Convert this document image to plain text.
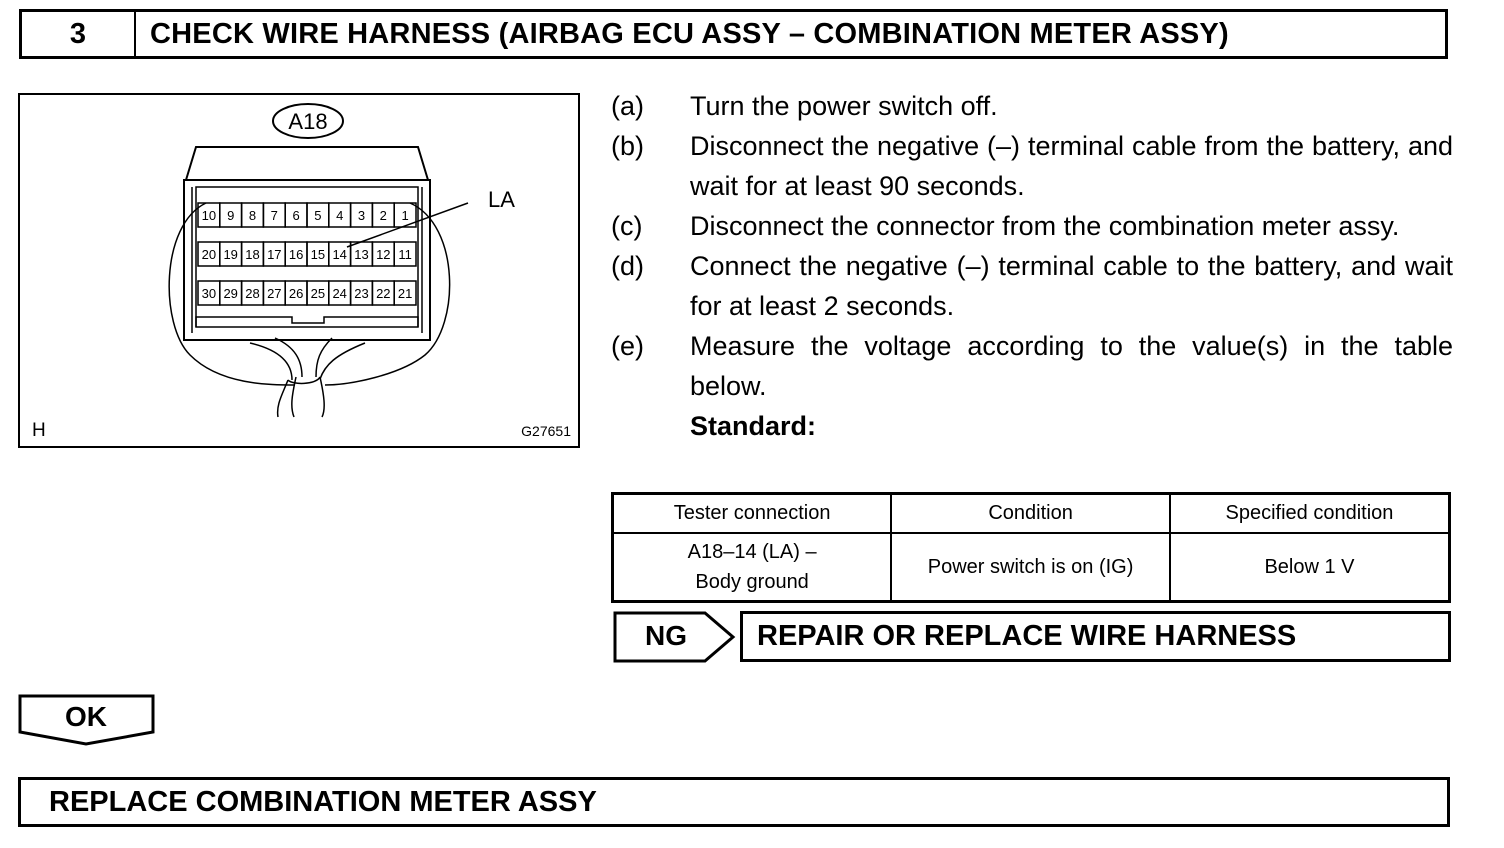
3	CHECK WIRE HARNESS (AIRBAG ECU ASSY – COMBINATION METER ASSY)
A18
10 9 8 7 6 5 4 3 2 1
20 19 18 17 16 15 14 13 12 11
30 29 28 27 26 25 24 23 22 21
LA
H	G27651
(a)	Turn the power switch off.
(b)	Disconnect the negative (–) terminal cable from the battery, and wait for at least 90 seconds.
(c)	Disconnect the connector from the combination meter assy.
(d)	Connect the negative (–) terminal cable to the battery, and wait for at least 2 seconds.
(e)	Measure the voltage according to the value(s) in the table below.
Standard:
Tester connection	Condition	Specified condition

A18–14 (LA) –
Body ground	Power switch is on (IG)	Below 1 V
NG	REPAIR OR REPLACE WIRE HARNESS
OK
REPLACE COMBINATION METER ASSY
